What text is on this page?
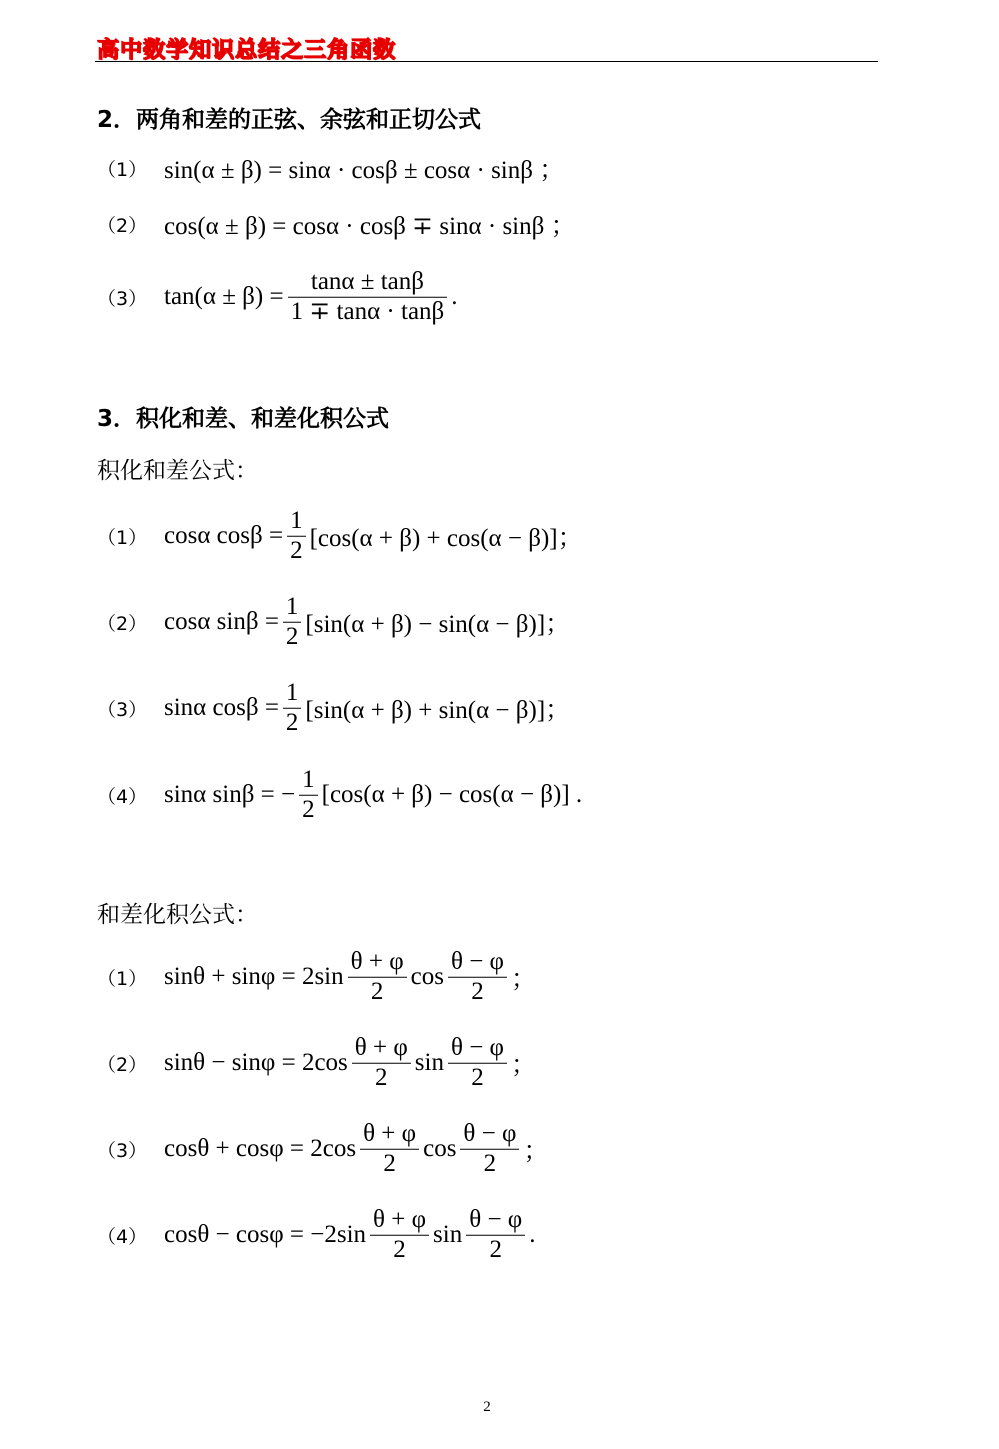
高中数学知识总结之三角函数
2．两角和差的正弦、余弦和正切公式
（1） sin(α ± β) = sinα · cosβ ± cosα · sinβ ；
（2） cos(α ± β) = cosα · cosβ ∓ sinα · sinβ ；
（3） $\tan(\alpha \pm \beta) = \frac{\tan\alpha \pm \tan\beta}{1 \mp \tan\alpha \cdot \tan\beta}$ .
3．积化和差、和差化积公式
积化和差公式：
（1） cosα $\cos\beta = \frac{1}{2} [\cos(\alpha + \beta) + \cos(\alpha - \beta)]$；
（2） cosα $\sin\beta = \frac{1}{2} [\sin(\alpha + \beta) - \sin(\alpha - \beta)]$；
（3） sinα $\cos\beta = \frac{1}{2} [\sin(\alpha + \beta) + \sin(\alpha - \beta)]$；
（4） sinα sinβ = − $\frac{1}{2} [\cos(\alpha + \beta) - \cos(\alpha - \beta)]$ .
和差化积公式：
（1） $\sin\theta + \sin\varphi = 2\sin \frac{\theta + \varphi}{2}$ $\cos \frac{\theta - \varphi}{2}$ ；
（2） $\sin\theta - \sin\varphi = 2\cos \frac{\theta + \varphi}{2}$ $\sin \frac{\theta - \varphi}{2}$ ；
（3） $\cos\theta + \cos\varphi = 2\cos \frac{\theta + \varphi}{2}$ $\cos \frac{\theta - \varphi}{2}$ ；
（4） $\cos\theta - \cos\varphi = -2\sin \frac{\theta + \varphi}{2}$ $\sin \frac{\theta - \varphi}{2}$ .
2
